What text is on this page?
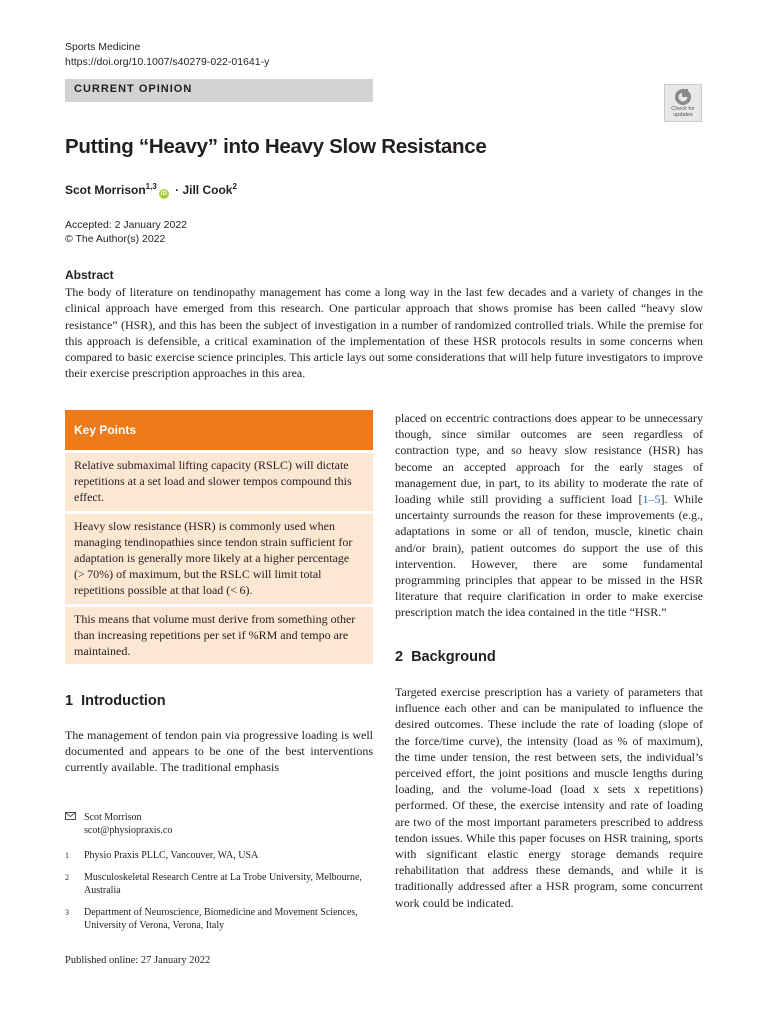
Sports Medicine
https://doi.org/10.1007/s40279-022-01641-y
CURRENT OPINION
Check for
updates
Putting “Heavy” into Heavy Slow Resistance
Scot Morrison$^{1,3}$iD · Jill Cook$^2$
Accepted: 2 January 2022
© The Author(s) 2022
Abstract

The body of literature on tendinopathy management has come a long way in the last few decades and a variety of changes in the clinical approach have emerged from this research. One particular approach that shows promise has been called “heavy slow resistance” (HSR), and this has been the subject of investigation in a number of randomized controlled trials. While the premise for this approach is defensible, a critical examination of the implementation of these HSR protocols results in some concerns when compared to basic exercise science principles. This article lays out some considerations that will help future investigators to improve their exercise prescription approaches in this area.

Key Points
Relative submaximal lifting capacity (RSLC) will dictate repetitions at a set load and slower tempos compound this effect.
Heavy slow resistance (HSR) is commonly used when managing tendinopathies since tendon strain sufficient for adaptation is generally more likely at a higher percentage (> 70%) of maximum, but the RSLC will limit total repetitions possible at that load (< 6).
This means that volume must derive from something other than increasing repetitions per set if %RM and tempo are maintained.
1 Introduction

The management of tendon pain via progressive loading is well documented and appears to be one of the best interventions currently available. The traditional emphasis

placed on eccentric contractions does appear to be unnecessary though, since similar outcomes are seen regardless of contraction type, and so heavy slow resistance (HSR) has become an accepted approach for the early stages of management due, in part, to its ability to moderate the rate of loading while still providing a sufficient load [1–5]. While uncertainty surrounds the reason for these improvements (e.g., adaptations in some or all of tendon, muscle, kinetic chain and/or brain), patient outcomes do support the use of this intervention. However, there are some fundamental programming principles that appear to be missed in the HSR literature that require clarification in order to make exercise prescription match the idea contained in the title “HSR.”

2 Background

Targeted exercise prescription has a variety of parameters that influence each other and can be manipulated to influence the desired outcomes. These include the rate of loading (slope of the force/time curve), the intensity (load as % of maximum), the time under tension, the rest between sets, the individual’s perceived effort, the joint positions and muscle lengths during loading, and the volume-load (load x sets x repetitions) performed. Of these, the exercise intensity and rate of loading are two of the most important parameters prescribed to address tendon issues. While this paper focuses on HSR training, sports with significant elastic energy storage demands require rehabilitation that address these demands, and while it is traditionally addressed after a HSR program, some concurrent work could be indicated.

Scot Morrison
scot@physiopraxis.co
1 Physio Praxis PLLC, Vancouver, WA, USA
2 Musculoskeletal Research Centre at La Trobe University, Melbourne, Australia
3 Department of Neuroscience, Biomedicine and Movement Sciences, University of Verona, Verona, Italy
Published online: 27 January 2022
